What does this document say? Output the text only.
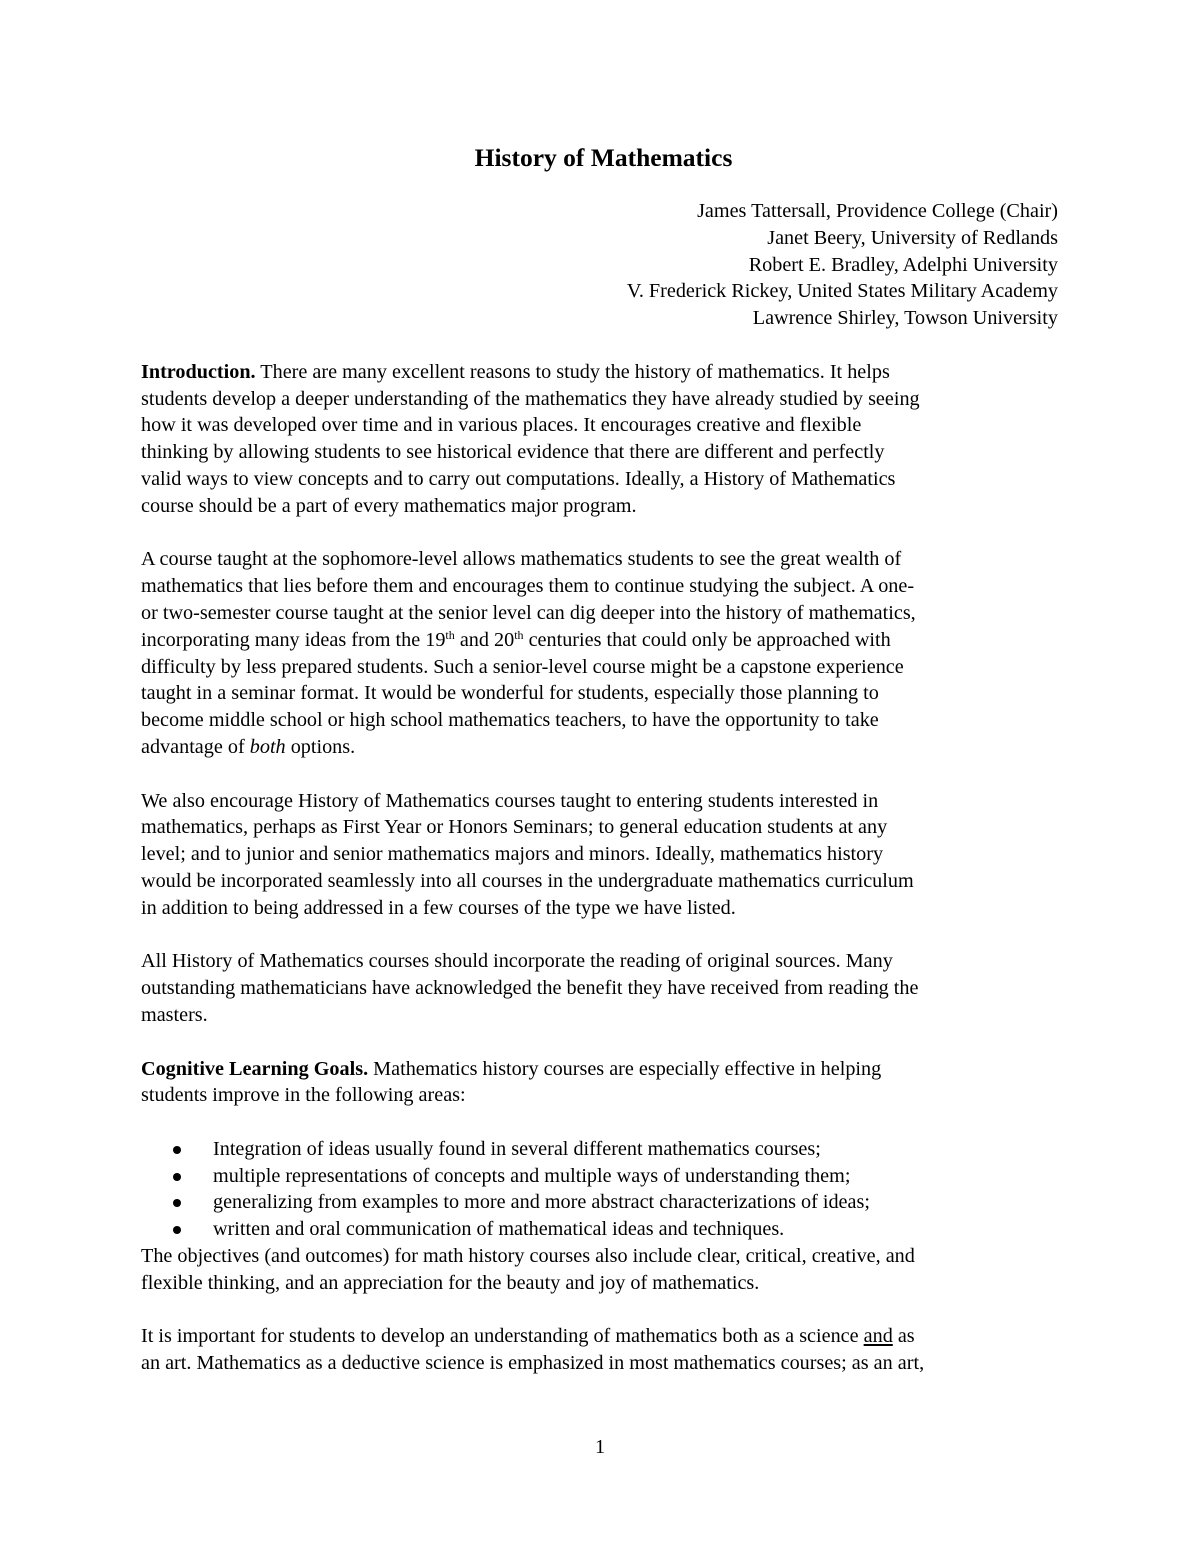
History of Mathematics
James Tattersall, Providence College (Chair)
Janet Beery, University of Redlands
Robert E. Bradley, Adelphi University
V. Frederick Rickey, United States Military Academy
Lawrence Shirley, Towson University

Introduction. There are many excellent reasons to study the history of mathematics. It helps
students develop a deeper understanding of the mathematics they have already studied by seeing
how it was developed over time and in various places. It encourages creative and flexible
thinking by allowing students to see historical evidence that there are different and perfectly
valid ways to view concepts and to carry out computations. Ideally, a History of Mathematics
course should be a part of every mathematics major program.

A course taught at the sophomore-level allows mathematics students to see the great wealth of
mathematics that lies before them and encourages them to continue studying the subject. A one-
or two-semester course taught at the senior level can dig deeper into the history of mathematics,
incorporating many ideas from the 19th and 20th centuries that could only be approached with
difficulty by less prepared students. Such a senior-level course might be a capstone experience
taught in a seminar format. It would be wonderful for students, especially those planning to
become middle school or high school mathematics teachers, to have the opportunity to take
advantage of both options.

We also encourage History of Mathematics courses taught to entering students interested in
mathematics, perhaps as First Year or Honors Seminars; to general education students at any
level; and to junior and senior mathematics majors and minors. Ideally, mathematics history
would be incorporated seamlessly into all courses in the undergraduate mathematics curriculum
in addition to being addressed in a few courses of the type we have listed.

All History of Mathematics courses should incorporate the reading of original sources. Many
outstanding mathematicians have acknowledged the benefit they have received from reading the
masters.

Cognitive Learning Goals. Mathematics history courses are especially effective in helping
students improve in the following areas:

Integration of ideas usually found in several different mathematics courses;
multiple representations of concepts and multiple ways of understanding them;
generalizing from examples to more and more abstract characterizations of ideas;
written and oral communication of mathematical ideas and techniques.
The objectives (and outcomes) for math history courses also include clear, critical, creative, and
flexible thinking, and an appreciation for the beauty and joy of mathematics.

It is important for students to develop an understanding of mathematics both as a science and as
an art. Mathematics as a deductive science is emphasized in most mathematics courses; as an art,

1
